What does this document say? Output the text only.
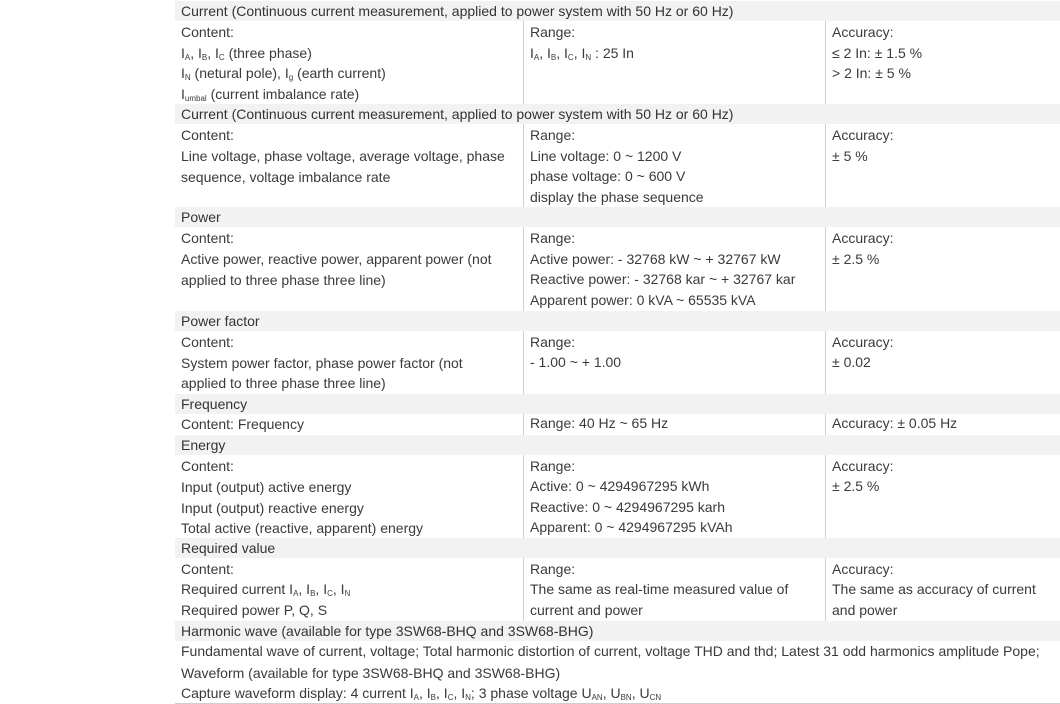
Current (Continuous current measurement, applied to power system with 50 Hz or 60 Hz)
Content:
$I_A$, $I_B$, $I_C$ (three phase)
$I_N$ (netural pole), $I_g$ (earth current)
$I_{umbal}$ (current imbalance rate)
Range:
$I_A$, $I_B$, $I_C$, $I_N$ : 25 In
Accuracy:
≤ 2 In: ± 1.5 %
> 2 In: ± 5 %
Current (Continuous current measurement, applied to power system with 50 Hz or 60 Hz)
Content:
Line voltage, phase voltage, average voltage, phase
sequence, voltage imbalance rate
Range:
Line voltage: 0 ~ 1200 V
phase voltage: 0 ~ 600 V
display the phase sequence
Accuracy:
± 5 %
Power
Content:
Active power, reactive power, apparent power (not
applied to three phase three line)
Range:
Active power: - 32768 kW ~ + 32767 kW
Reactive power: - 32768 kar ~ + 32767 kar
Apparent power: 0 kVA ~ 65535 kVA
Accuracy:
± 2.5 %
Power factor
Content:
System power factor, phase power factor (not
applied to three phase three line)
Range:
- 1.00 ~ + 1.00
Accuracy:
± 0.02
Frequency
Content: Frequency	Range: 40 Hz ~ 65 Hz	Accuracy: ± 0.05 Hz
Energy
Content:
Input (output) active energy
Input (output) reactive energy
Total active (reactive, apparent) energy
Range:
Active: 0 ~ 4294967295 kWh
Reactive: 0 ~ 4294967295 karh
Apparent: 0 ~ 4294967295 kVAh
Accuracy:
± 2.5 %
Required value
Content:
Required current $I_A$, $I_B$, $I_C$, $I_N$
Required power P, Q, S
Range:
The same as real-time measured value of
current and power
Accuracy:
The same as accuracy of current
and power
Harmonic wave (available for type 3SW68-BHQ and 3SW68-BHG)
Fundamental wave of current, voltage; Total harmonic distortion of current, voltage THD and thd; Latest 31 odd harmonics amplitude Pope;
Waveform (available for type 3SW68-BHQ and 3SW68-BHG)
Capture waveform display: 4 current $I_A$, $I_B$, $I_C$, $I_N$; 3 phase voltage $U_{AN}$, $U_{BN}$, $U_{CN}$
